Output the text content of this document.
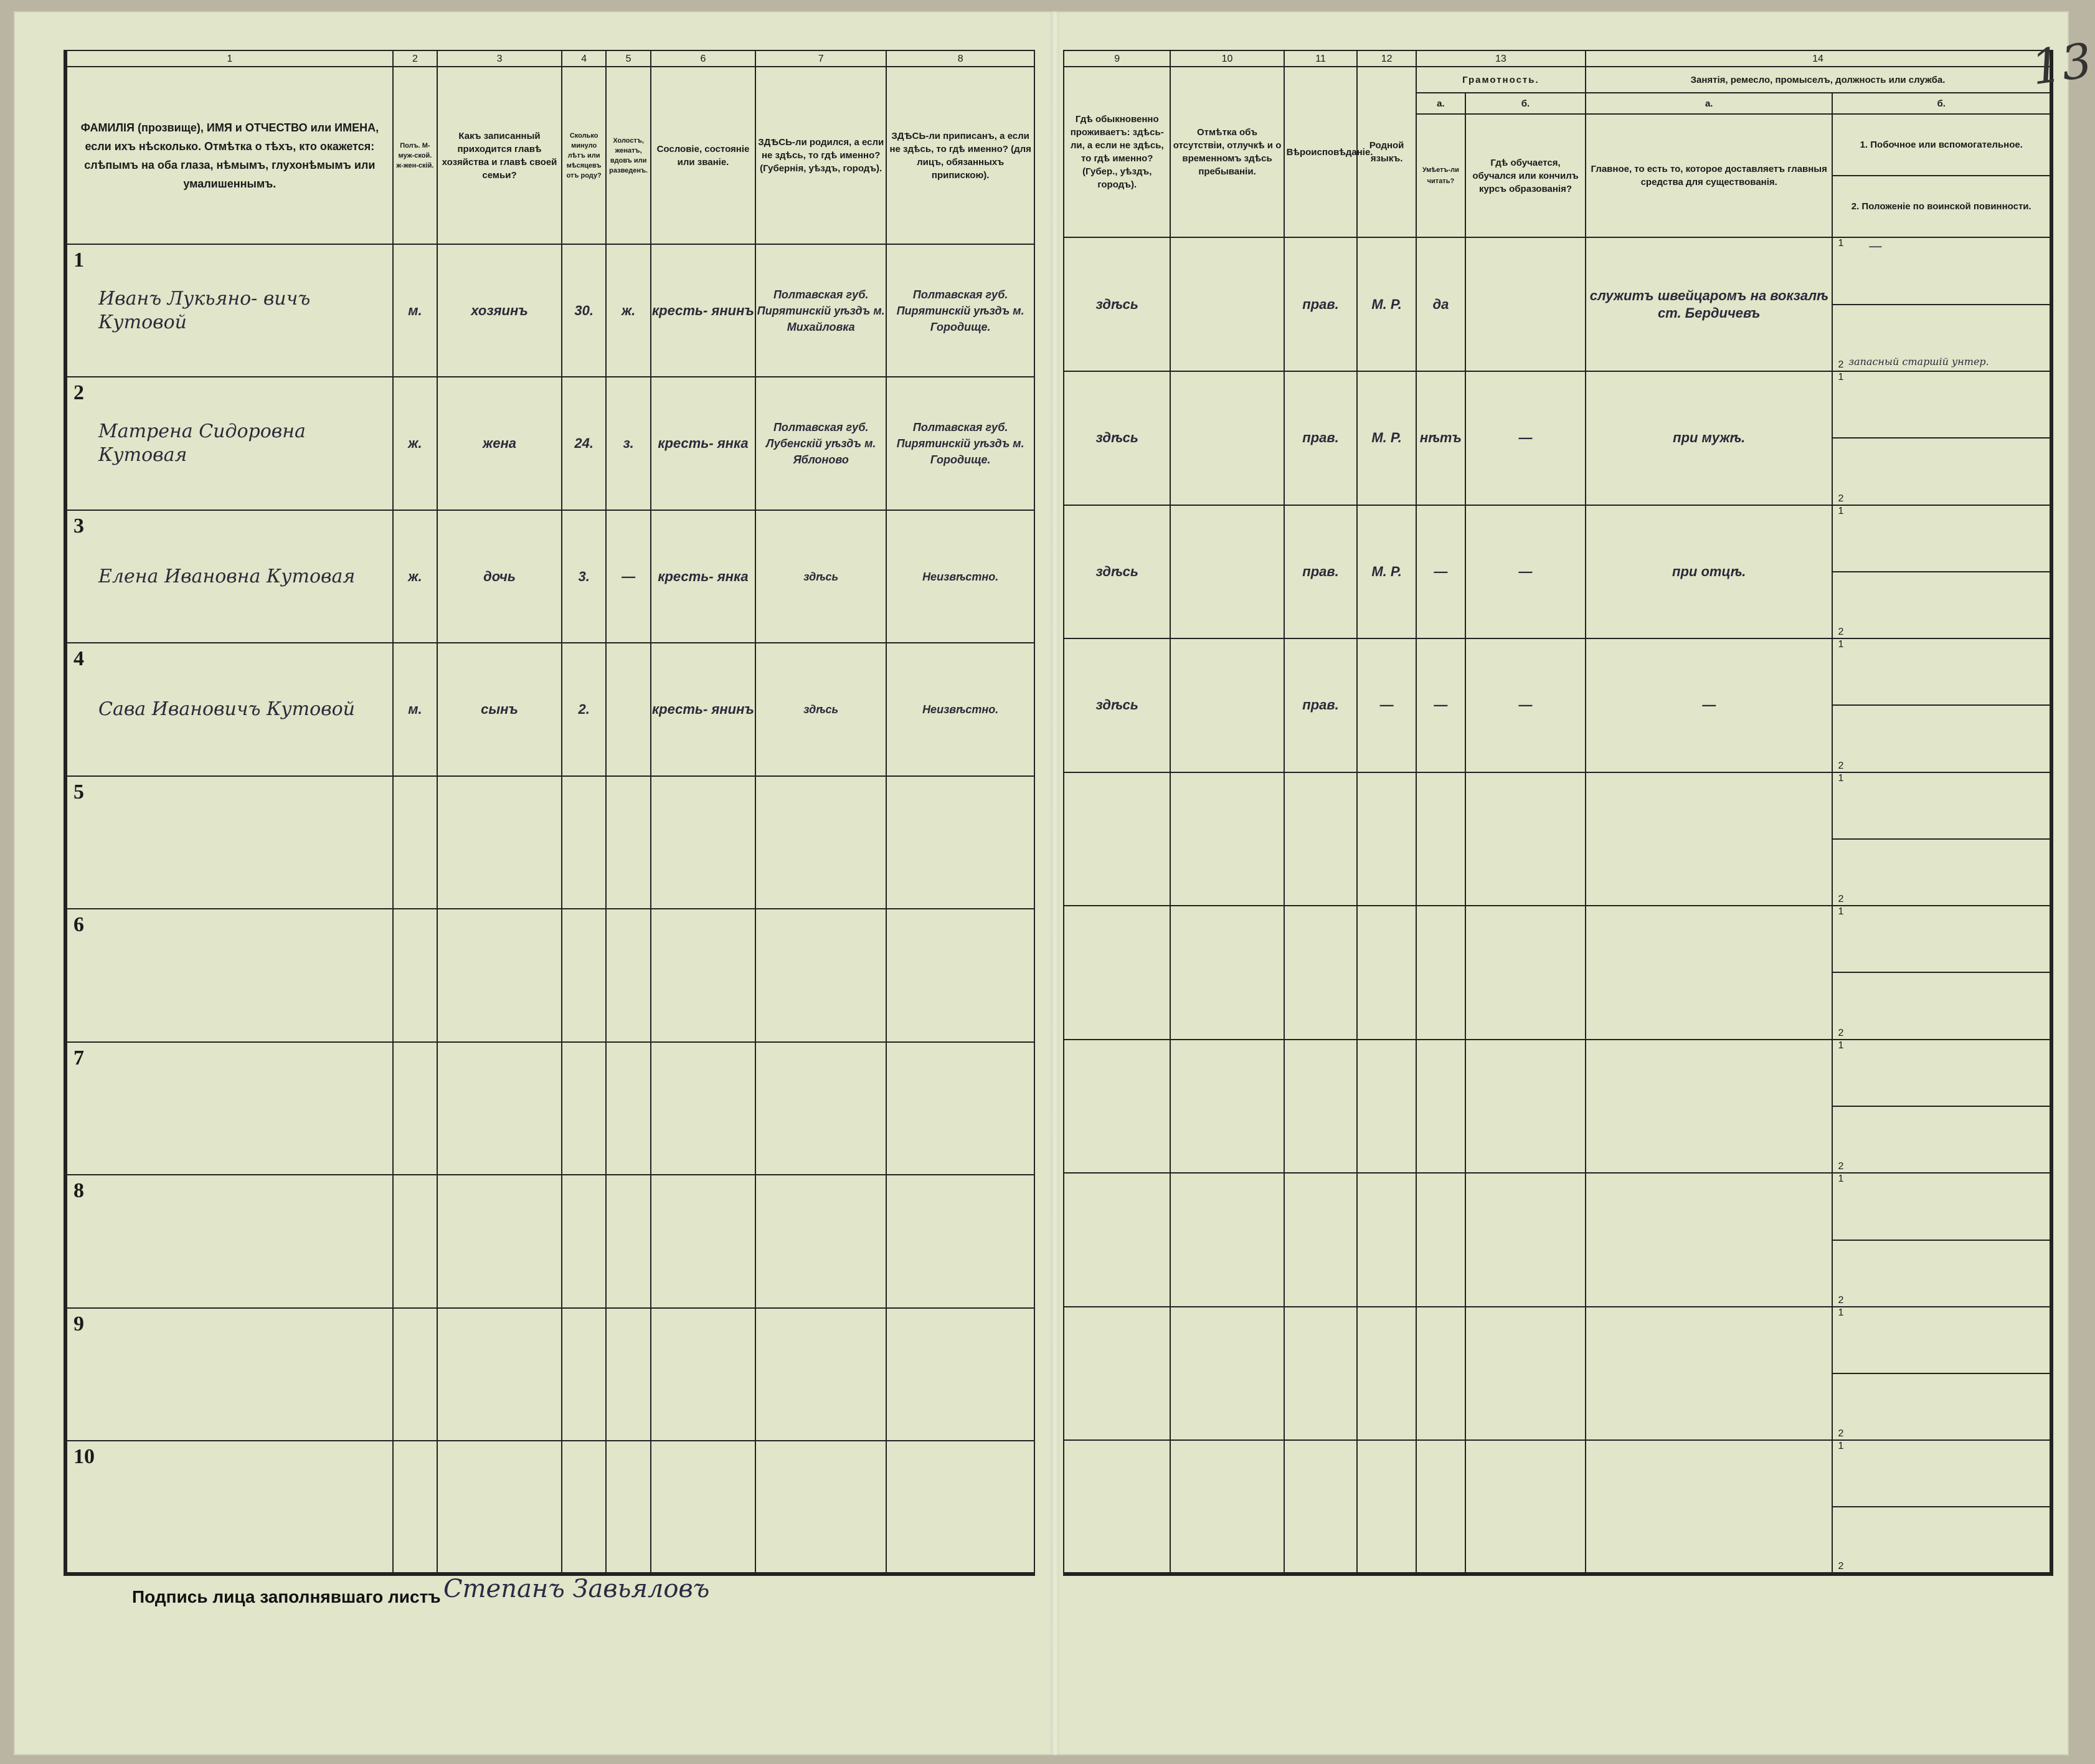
1	2	3	4	5	6	7	8
ФАМИЛІЯ (прозвище), ИМЯ и ОТЧЕСТВО или ИМЕНА, если ихъ нѣсколько. Отмѣтка о тѣхъ, кто окажется: слѣпымъ на оба глаза, нѣмымъ, глухонѣмымъ или умалишеннымъ.	Полъ. М-муж-ской. ж-жен-скій.	Какъ записанный приходится главѣ хозяйства и главѣ своей семьи?	Сколько минуло лѣтъ или мѣсяцевъ отъ роду?	Холостъ, женатъ, вдовъ или разведенъ.	Сословіе, состояніе или званіе.	ЗДѢСЬ-ли родился, а если не здѣсь, то гдѣ именно? (Губернія, уѣздъ, городъ).	ЗДѢСЬ-ли приписанъ, а если не здѣсь, то гдѣ именно? (для лицъ, обязанныхъ припискою).

1
Иванъ Лукьяно- вичъ Кутовой	м.	хозяинъ	30.	ж.	кресть- янинъ	Полтавская губ. Пирятинскій уѣздъ м. Михайловка	Полтавская губ. Пирятинскій уѣздъ м. Городище.

2
Матрена Сидоровна Кутовая	ж.	жена	24.	з.	кресть- янка	Полтавская губ. Лубенскій уѣздъ м. Яблоново	Полтавская губ. Пирятинскій уѣздъ м. Городище.

3
Елена Ивановна Кутовая	ж.	дочь	3.	—	кресть- янка	здѣсь	Неизвѣстно.

4
Сава Ивановичъ Кутовой	м.	сынъ	2.		кресть- янинъ	здѣсь	Неизвѣстно.

5							

6							

7							

8							

9							

10							

9	10	11	12	13		14	
Гдѣ обыкновенно проживаетъ: здѣсь-ли, а если не здѣсь, то гдѣ именно? (Губер., уѣздъ, городъ).	Отмѣтка объ отсутствіи, отлучкѣ и о временномъ здѣсь пребываніи.	Вѣроисповѣданіе.	Родной языкъ.	Грамотность.		Занятія, ремесло, промыселъ, должность или служба.	
				а.	б.	а.	б.
				Умѣетъ-ли читать?	Гдѣ обучается, обучался или кончилъ курсъ образованія?	Главное, то есть то, которое доставляетъ главныя средства для существованія.	1. Побочное или вспомогательное.
2. Положеніе по воинской повинности.

здѣсь		прав.	М. Р.	да		служитъ швейцаромъ на вокзалѣ ст. Бердичевъ	1 —
2 запасный старшій унтер.

здѣсь		прав.	М. Р.	нѣтъ	—	при мужѣ.	1
2

здѣсь		прав.	М. Р.	—	—	при отцѣ.	1
2

здѣсь		прав.	—	—	—	—	1
2

							1
2

							1
2

							1
2

							1
2

							1
2

							1
2
13
Подпись лица заполнявшаго листъ Степанъ Завьяловъ
